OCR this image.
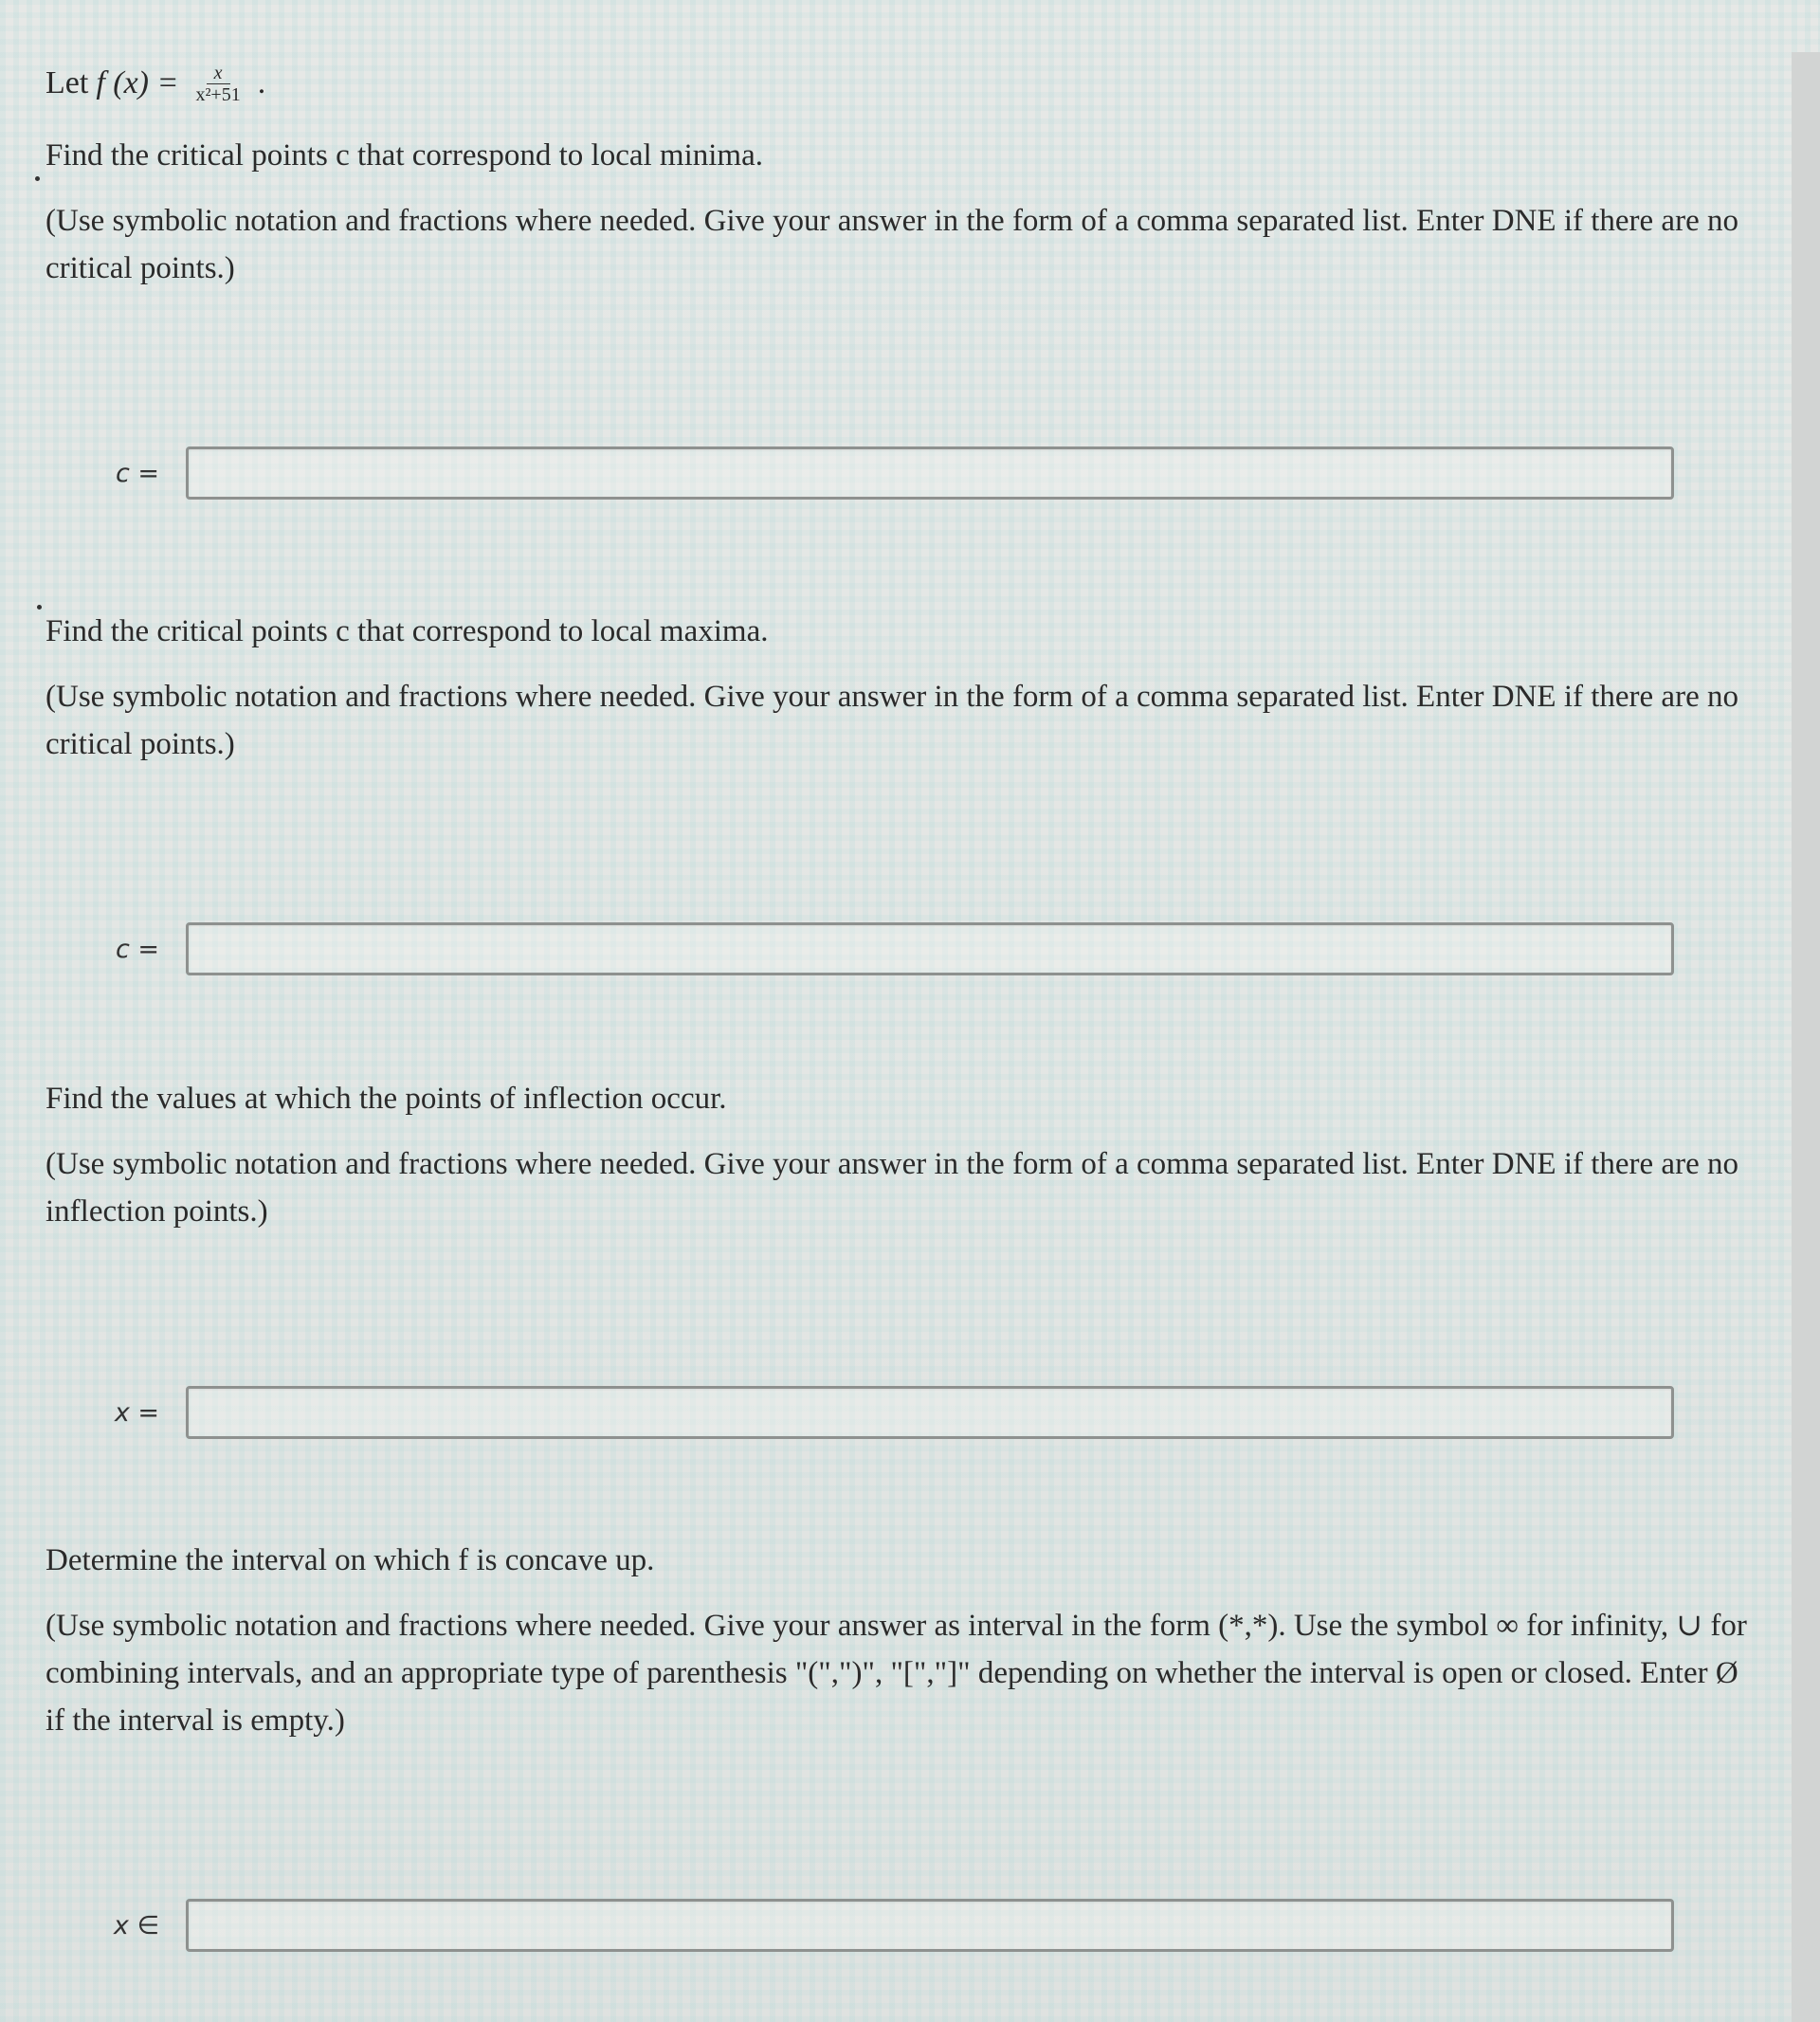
Let f $(x) = \frac{x}{\text{x²+51}}$ .

Find the critical points c that correspond to local minima.

(Use symbolic notation and fractions where needed. Give your answer in the form of a comma separated list. Enter DNE if there are no critical points.)

c =

Find the critical points c that correspond to local maxima.

(Use symbolic notation and fractions where needed. Give your answer in the form of a comma separated list. Enter DNE if there are no critical points.)

c =

Find the values at which the points of inflection occur.

(Use symbolic notation and fractions where needed. Give your answer in the form of a comma separated list. Enter DNE if there are no inflection points.)

x =

Determine the interval on which f is concave up.

(Use symbolic notation and fractions where needed. Give your answer as interval in the form (*,*). Use the symbol ∞ for infinity, ∪ for combining intervals, and an appropriate type of parenthesis "(",")", "[","]" depending on whether the interval is open or closed. Enter Ø if the interval is empty.)

x ∈
